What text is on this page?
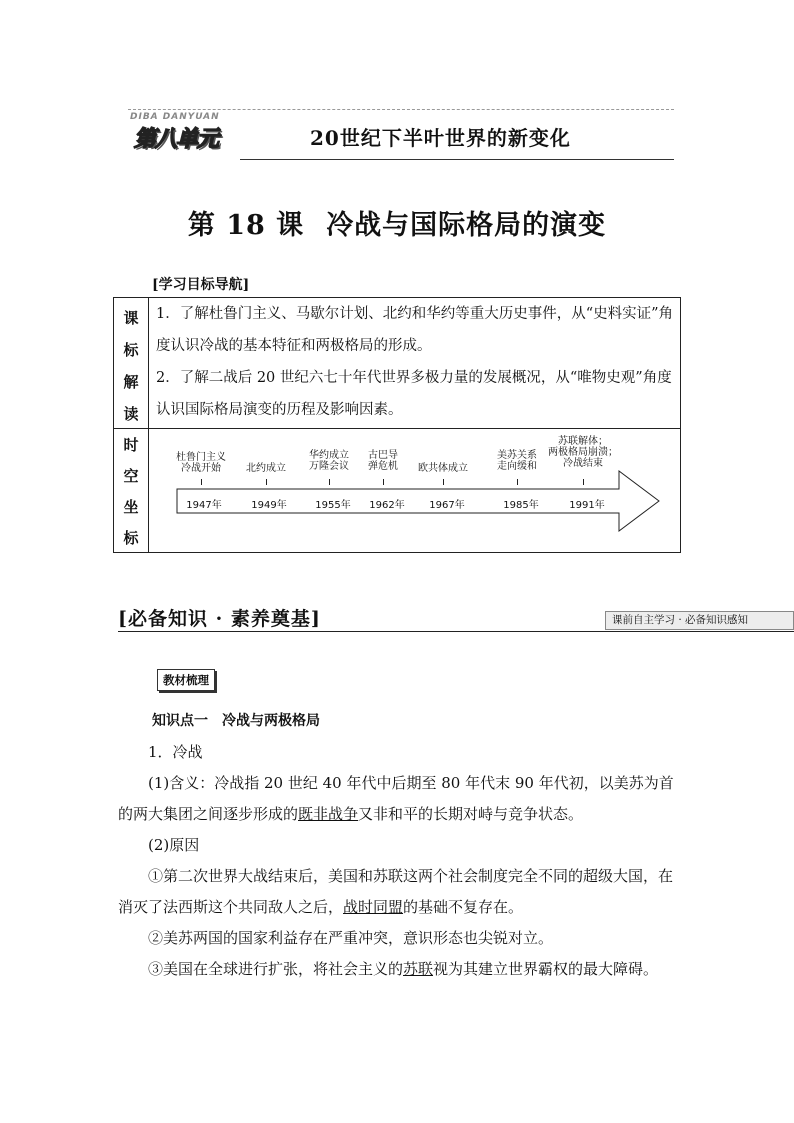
DIBA DANYUAN
第八单元	20世纪下半叶世界的新变化
第 18 课 冷战与国际格局的演变
[学习目标导航]
课
标
解
读

1．了解杜鲁门主义、马歇尔计划、北约和华约等重大历史事件，从“史料实证”角度认识冷战的基本特征和两极格局的形成。

2．了解二战后 20 世纪六七十年代世界多极力量的发展概况，从“唯物史观”角度认识国际格局演变的历程及影响因素。

时
空
坐
标
杜鲁门主义
冷战开始
1947年
北约成立
1949年
华约成立
万隆会议
1955年
古巴导
弹危机
1962年
欧共体成立
1967年
美苏关系
走向缓和
1985年
苏联解体；
两极格局崩溃；
冷战结束
1991年
[必备知识 · 素养奠基]	课前自主学习 · 必备知识感知
教材梳理

知识点一　冷战与两极格局

1．冷战

(1)含义：冷战指 20 世纪 40 年代中后期至 80 年代末 90 年代初，以美苏为首的两大集团之间逐步形成的既非战争又非和平的长期对峙与竞争状态。

(2)原因

①第二次世界大战结束后，美国和苏联这两个社会制度完全不同的超级大国，在消灭了法西斯这个共同敌人之后，战时同盟的基础不复存在。

②美苏两国的国家利益存在严重冲突，意识形态也尖锐对立。

③美国在全球进行扩张，将社会主义的苏联视为其建立世界霸权的最大障碍。
